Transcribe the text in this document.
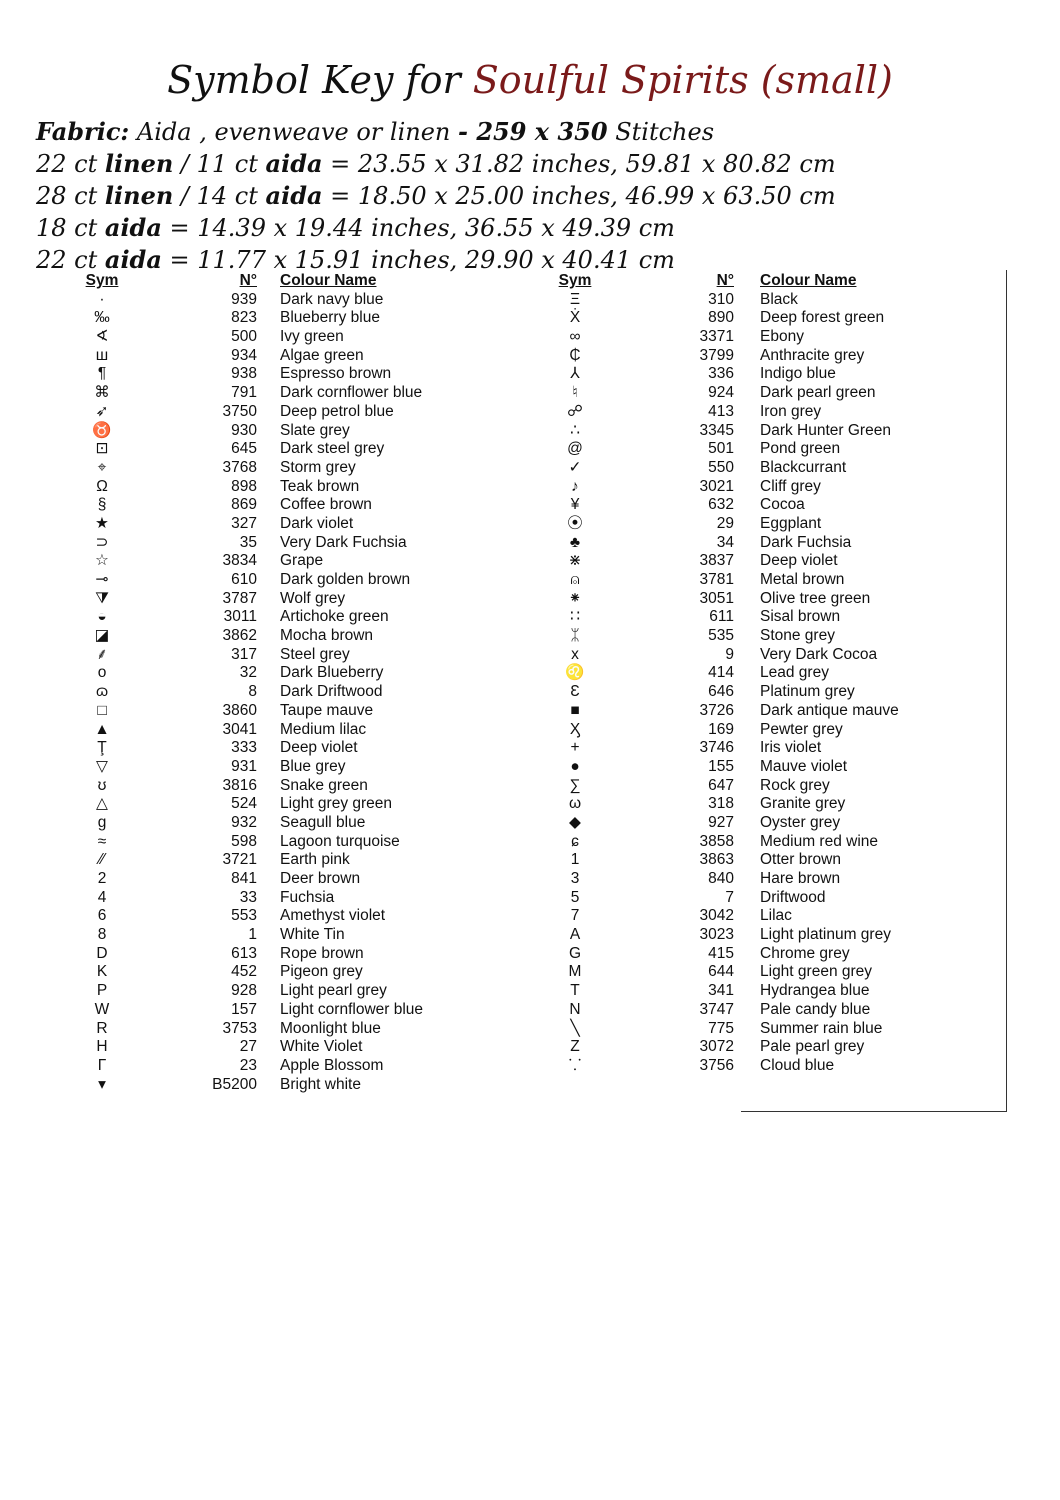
Symbol Key for Soulful Spirits (small)
Fabric: Aida , evenweave or linen - 259 x 350 Stitches
22 ct linen / 11 ct aida = 23.55 x 31.82 inches, 59.81 x 80.82 cm
28 ct linen / 14 ct aida = 18.50 x 25.00 inches, 46.99 x 63.50 cm
18 ct aida = 14.39 x 19.44 inches, 36.55 x 49.39 cm
22 ct aida = 11.77 x 15.91 inches, 29.90 x 40.41 cm
Sym	N° Colour Name
·	939 Dark navy blue
‰	823 Blueberry blue
∢	500 Ivy green
ш	934 Algae green
¶	938 Espresso brown
⌘	791 Dark cornflower blue
➶	3750 Deep petrol blue
♉	930 Slate grey
⊡	645 Dark steel grey
⌖	3768 Storm grey
Ω	898 Teak brown
§	869 Coffee brown
★	327 Dark violet
⊃	35 Very Dark Fuchsia
☆	3834 Grape
⊸	610 Dark golden brown
⧩	3787 Wolf grey
◒	3011 Artichoke green
◪	3862 Mocha brown
⸙	317 Steel grey
o	32 Dark Blueberry
ɷ	8 Dark Driftwood
□	3860 Taupe mauve
▲	3041 Medium lilac
Ţ	333 Deep violet
▽	931 Blue grey
ʊ	3816 Snake green
△	524 Light grey green
g	932 Seagull blue
≈	598 Lagoon turquoise
⁄⁄	3721 Earth pink
2	841 Deer brown
4	33 Fuchsia
6	553 Amethyst violet
8	1 White Tin
D	613 Rope brown
K	452 Pigeon grey
P	928 Light pearl grey
W	157 Light cornflower blue
R	3753 Moonlight blue
H	27 White Violet
Γ	23 Apple Blossom
▾	B5200 Bright white
Sym	N° Colour Name
Ξ	310 Black
Ẋ	890 Deep forest green
∞	3371 Ebony
₵	3799 Anthracite grey
⅄	336 Indigo blue
♮	924 Dark pearl green
☍	413 Iron grey
∴	3345 Dark Hunter Green
@	501 Pond green
✓	550 Blackcurrant
♪	3021 Cliff grey
¥	632 Cocoa
⦿	29 Eggplant
♣	34 Dark Fuchsia
⋇	3837 Deep violet
⍝	3781 Metal brown
⁕	3051 Olive tree green
∷	611 Sisal brown
ᛯ	535 Stone grey
x	9 Very Dark Cocoa
♌	414 Lead grey
Ɛ	646 Platinum grey
■	3726 Dark antique mauve
Ӽ	169 Pewter grey
+	3746 Iris violet
●	155 Mauve violet
∑	647 Rock grey
ω	318 Granite grey
◆	927 Oyster grey
ɕ	3858 Medium red wine
1	3863 Otter brown
3	840 Hare brown
5	7 Driftwood
7	3042 Lilac
A	3023 Light platinum grey
G	415 Chrome grey
M	644 Light green grey
T	341 Hydrangea blue
N	3747 Pale candy blue
╲	775 Summer rain blue
Z	3072 Pale pearl grey
⸪	3756 Cloud blue
